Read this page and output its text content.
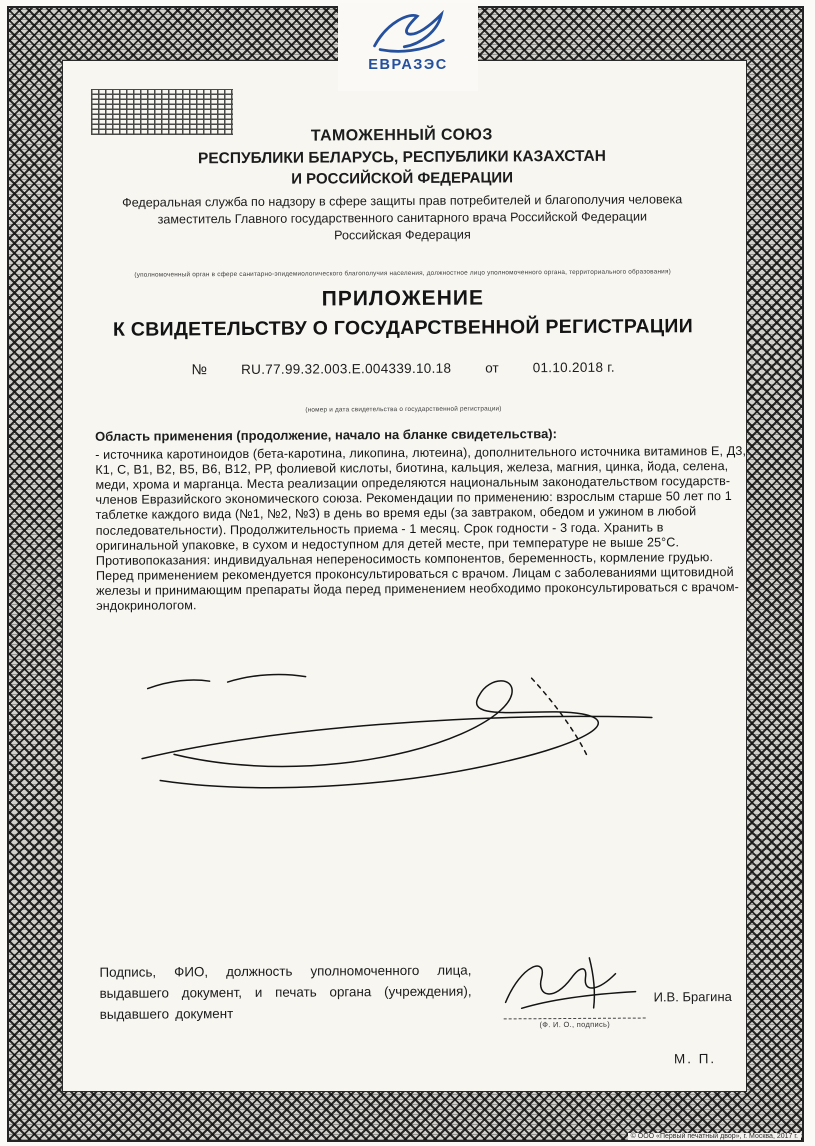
ЕВРАЗЭС
ТАМОЖЕННЫЙ СОЮЗ
РЕСПУБЛИКИ БЕЛАРУСЬ, РЕСПУБЛИКИ КАЗАХСТАН
И РОССИЙСКОЙ ФЕДЕРАЦИИ
Федеральная служба по надзору в сфере защиты прав потребителей и благополучия человека
заместитель Главного государственного санитарного врача Российской Федерации
Российская Федерация
(уполномоченный орган в сфере санитарно-эпидемиологического благополучия населения, должностное лицо уполномоченного органа, территориального образования)
ПРИЛОЖЕНИЕ
К СВИДЕТЕЛЬСТВУ О ГОСУДАРСТВЕННОЙ РЕГИСТРАЦИИ
№	RU.77.99.32.003.E.004339.10.18	от	01.10.2018 г.
(номер и дата свидетельства о государственной регистрации)
Область применения (продолжение, начало на бланке свидетельства):
- источника каротиноидов (бета-каротина, ликопина, лютеина), дополнительного источника витаминов Е, Д3, К1, С, В1, В2, В5, В6, В12, РР, фолиевой кислоты, биотина, кальция, железа, магния, цинка, йода, селена, меди, хрома и марганца. Места реализации определяются национальным законодательством государств-членов Евразийского экономического союза. Рекомендации по применению: взрослым старше 50 лет по 1 таблетке каждого вида (№1, №2, №3) в день во время еды (за завтраком, обедом и ужином в любой последовательности). Продолжительность приема - 1 месяц. Срок годности - 3 года. Хранить в оригинальной упаковке, в сухом и недоступном для детей месте, при температуре не выше 25°С. Противопоказания: индивидуальная непереносимость компонентов, беременность, кормление грудью. Перед применением рекомендуется проконсультироваться с врачом. Лицам с заболеваниями щитовидной железы и принимающим препараты йода перед применением необходимо проконсультироваться с врачом-эндокринологом.
Подпись, ФИО, должность уполномоченного лица, выдавшего документ, и печать органа (учреждения), выдавшего документ
(Ф. И. О., подпись)
И.В. Брагина
М. П.
© ООО «Первый печатный двор», г. Москва, 2017 г.
